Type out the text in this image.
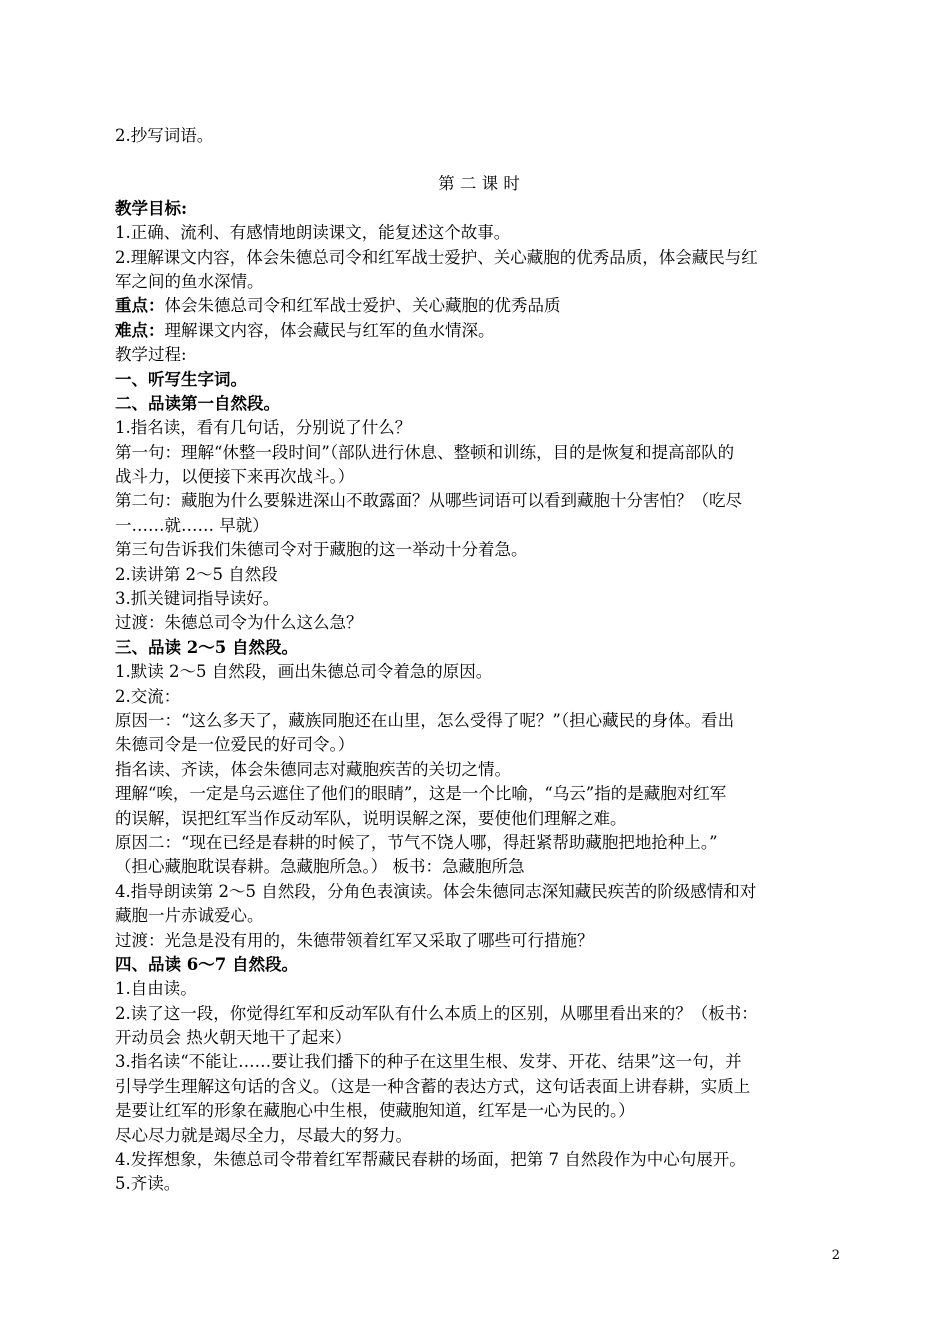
2.抄写词语。
第 二 课 时
教学目标:
1.正确、流利、有感情地朗读课文，能复述这个故事。
2.理解课文内容，体会朱德总司令和红军战士爱护、关心藏胞的优秀品质，体会藏民与红
军之间的鱼水深情。
重点：体会朱德总司令和红军战士爱护、关心藏胞的优秀品质
难点：理解课文内容，体会藏民与红军的鱼水情深。
教学过程:
一、听写生字词。
二、品读第一自然段。
1.指名读，看有几句话，分别说了什么？
第一句：理解“休整一段时间”（部队进行休息、整顿和训练，目的是恢复和提高部队的
战斗力，以便接下来再次战斗。）
第二句：藏胞为什么要躲进深山不敢露面？从哪些词语可以看到藏胞十分害怕？（吃尽
一……就…… 早就）
第三句告诉我们朱德司令对于藏胞的这一举动十分着急。
2.读讲第 2～5 自然段
3.抓关键词指导读好。
过渡：朱德总司令为什么这么急？
三、品读 2～5 自然段。
1.默读 2～5 自然段，画出朱德总司令着急的原因。
2.交流：
原因一：“这么多天了，藏族同胞还在山里，怎么受得了呢？”（担心藏民的身体。看出
朱德司令是一位爱民的好司令。）
指名读、齐读，体会朱德同志对藏胞疾苦的关切之情。
理解“唉，一定是乌云遮住了他们的眼睛”，这是一个比喻，“乌云”指的是藏胞对红军
的误解，误把红军当作反动军队，说明误解之深，要使他们理解之难。
原因二：“现在已经是春耕的时候了，节气不饶人哪，得赶紧帮助藏胞把地抢种上。”
（担心藏胞耽误春耕。急藏胞所急。） 板书：急藏胞所急
4.指导朗读第 2～5 自然段，分角色表演读。体会朱德同志深知藏民疾苦的阶级感情和对
藏胞一片赤诚爱心。
过渡：光急是没有用的，朱德带领着红军又采取了哪些可行措施？
四、品读 6～7 自然段。
1.自由读。
2.读了这一段，你觉得红军和反动军队有什么本质上的区别，从哪里看出来的？（板书：
开动员会 热火朝天地干了起来）
3.指名读“不能让……要让我们播下的种子在这里生根、发芽、开花、结果”这一句，并
引导学生理解这句话的含义。（这是一种含蓄的表达方式，这句话表面上讲春耕，实质上
是要让红军的形象在藏胞心中生根，使藏胞知道，红军是一心为民的。）
尽心尽力就是竭尽全力，尽最大的努力。
4.发挥想象，朱德总司令带着红军帮藏民春耕的场面，把第 7 自然段作为中心句展开。
5.齐读。
2
